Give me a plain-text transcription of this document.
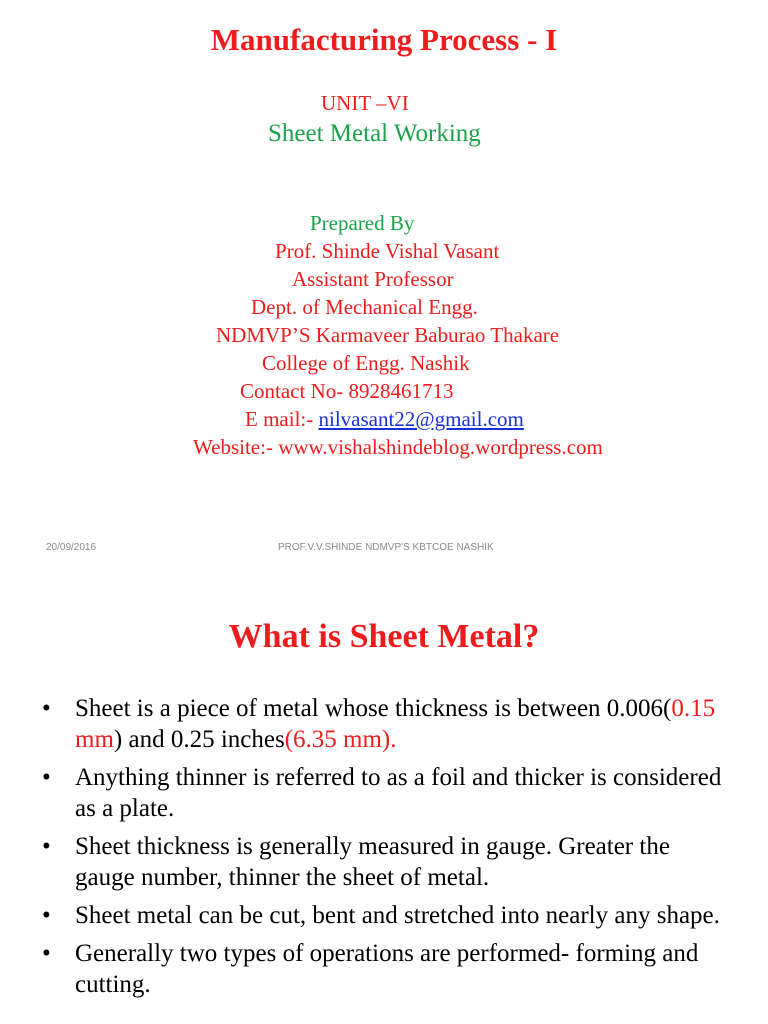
Manufacturing Process - I
UNIT –VI
Sheet Metal Working
Prepared By
Prof. Shinde Vishal Vasant
Assistant Professor
Dept. of Mechanical Engg.
NDMVP’S Karmaveer Baburao Thakare
College of Engg. Nashik
Contact No- 8928461713
E mail:- nilvasant22@gmail.com
Website:- www.vishalshindeblog.wordpress.com
20/09/2016	PROF.V.V.SHINDE NDMVP'S KBTCOE NASHIK
What is Sheet Metal?
• Sheet is a piece of metal whose thickness is between 0.006(0.15 mm) and 0.25 inches(6.35 mm).
• Anything thinner is referred to as a foil and thicker is considered as a plate.
• Sheet thickness is generally measured in gauge. Greater the gauge number, thinner the sheet of metal.
• Sheet metal can be cut, bent and stretched into nearly any shape.
• Generally two types of operations are performed- forming and cutting.
